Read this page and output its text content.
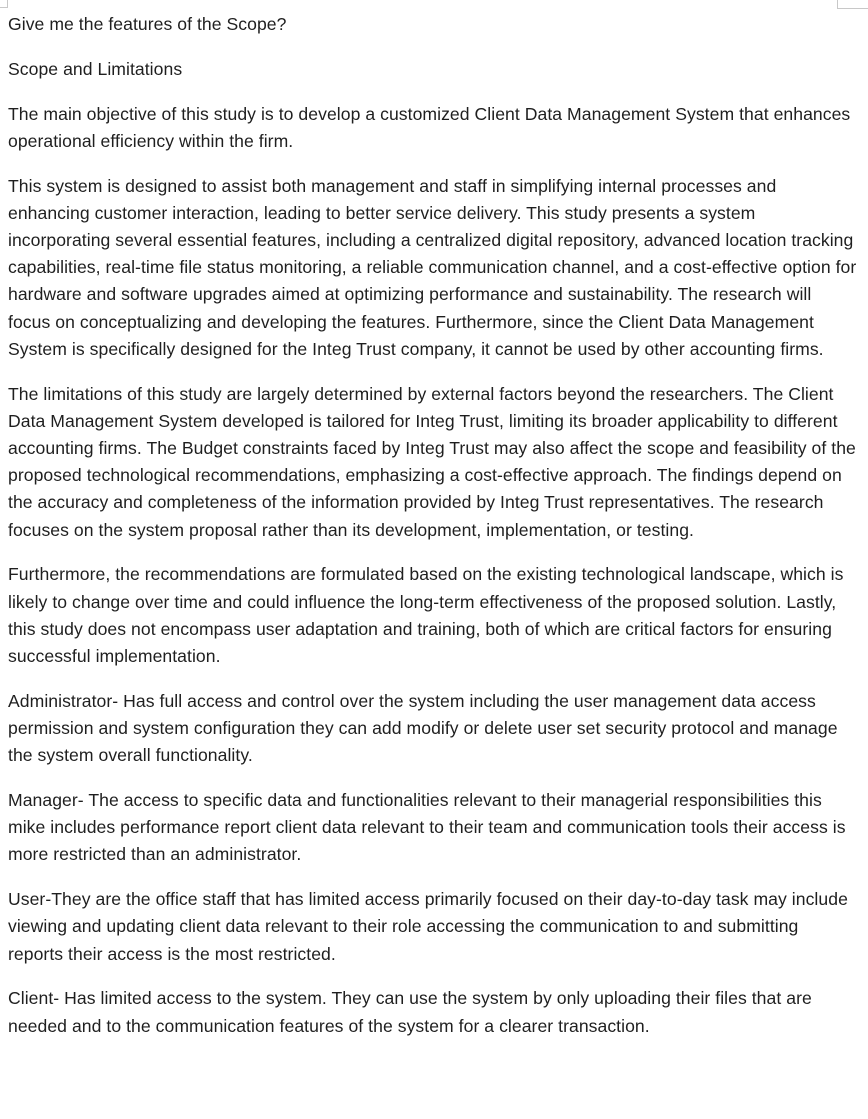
Give me the features of the Scope?

Scope and Limitations

The main objective of this study is to develop a customized Client Data Management System that enhances operational efficiency within the firm.

This system is designed to assist both management and staff in simplifying internal processes and enhancing customer interaction, leading to better service delivery. This study presents a system incorporating several essential features, including a centralized digital repository, advanced location tracking capabilities, real-time file status monitoring, a reliable communication channel, and a cost-effective option for hardware and software upgrades aimed at optimizing performance and sustainability. The research will focus on conceptualizing and developing the features. Furthermore, since the Client Data Management System is specifically designed for the Integ Trust company, it cannot be used by other accounting firms.

The limitations of this study are largely determined by external factors beyond the researchers. The Client Data Management System developed is tailored for Integ Trust, limiting its broader applicability to different accounting firms. The Budget constraints faced by Integ Trust may also affect the scope and feasibility of the proposed technological recommendations, emphasizing a cost-effective approach. The findings depend on the accuracy and completeness of the information provided by Integ Trust representatives. The research focuses on the system proposal rather than its development, implementation, or testing.

Furthermore, the recommendations are formulated based on the existing technological landscape, which is likely to change over time and could influence the long-term effectiveness of the proposed solution. Lastly, this study does not encompass user adaptation and training, both of which are critical factors for ensuring successful implementation.

Administrator- Has full access and control over the system including the user management data access permission and system configuration they can add modify or delete user set security protocol and manage the system overall functionality.

Manager- The access to specific data and functionalities relevant to their managerial responsibilities this mike includes performance report client data relevant to their team and communication tools their access is more restricted than an administrator.

User-They are the office staff that has limited access primarily focused on their day-to-day task may include viewing and updating client data relevant to their role accessing the communication to and submitting reports their access is the most restricted.

Client- Has limited access to the system. They can use the system by only uploading their files that are needed and to the communication features of the system for a clearer transaction.
